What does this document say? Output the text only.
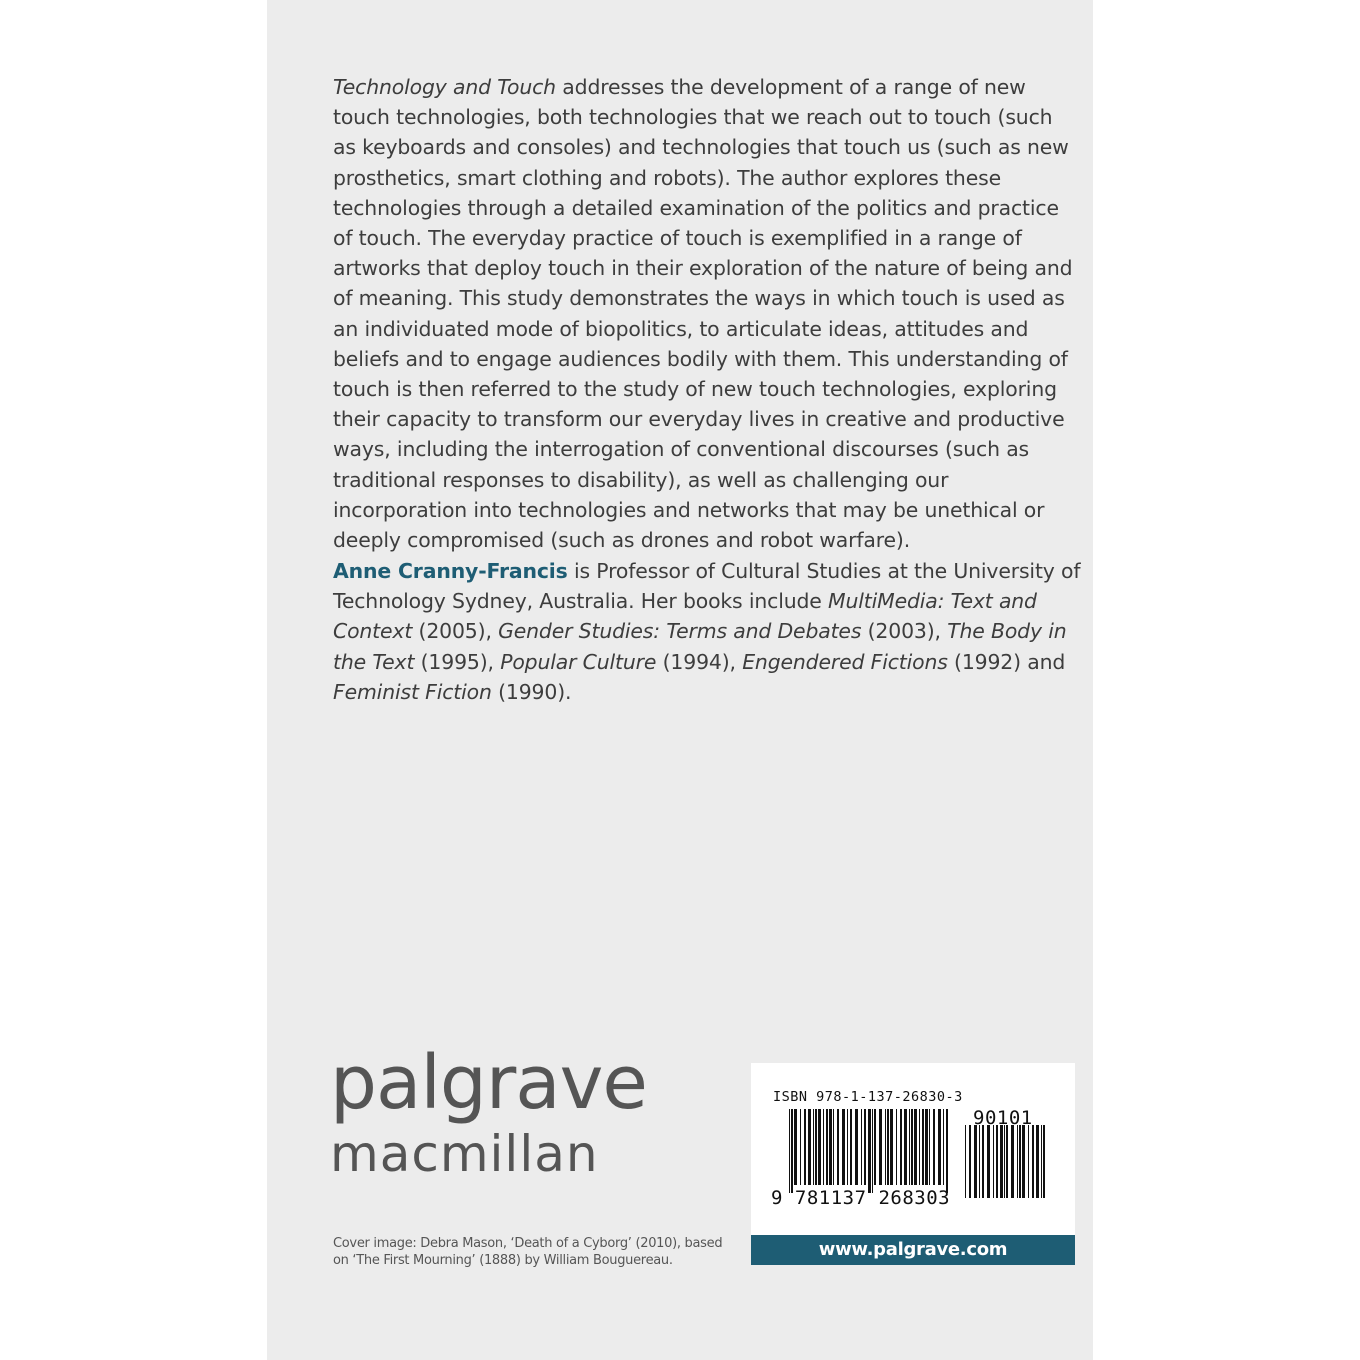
Technology and Touch addresses the development of a range of new touch technologies, both technologies that we reach out to touch (such as keyboards and consoles) and technologies that touch us (such as new prosthetics, smart clothing and robots). The author explores these technologies through a detailed examination of the politics and practice of touch. The everyday practice of touch is exemplified in a range of artworks that deploy touch in their exploration of the nature of being and of meaning. This study demonstrates the ways in which touch is used as an individuated mode of biopolitics, to articulate ideas, attitudes and beliefs and to engage audiences bodily with them. This understanding of touch is then referred to the study of new touch technologies, exploring their capacity to transform our everyday lives in creative and productive ways, including the interrogation of conventional discourses (such as traditional responses to disability), as well as challenging our incorporation into technologies and networks that may be unethical or deeply compromised (such as drones and robot warfare).

Anne Cranny-Francis is Professor of Cultural Studies at the University of Technology Sydney, Australia. Her books include MultiMedia: Text and Context (2005), Gender Studies: Terms and Debates (2003), The Body in the Text (1995), Popular Culture (1994), Engendered Fictions (1992) and Feminist Fiction (1990).

palgrave
macmillan

Cover image: Debra Mason, ‘Death of a Cyborg’ (2010), based
on ‘The First Mourning’ (1888) by William Bouguereau.

ISBN 978-1-137-26830-3
90101
9 781137 268303
www.palgrave.com
